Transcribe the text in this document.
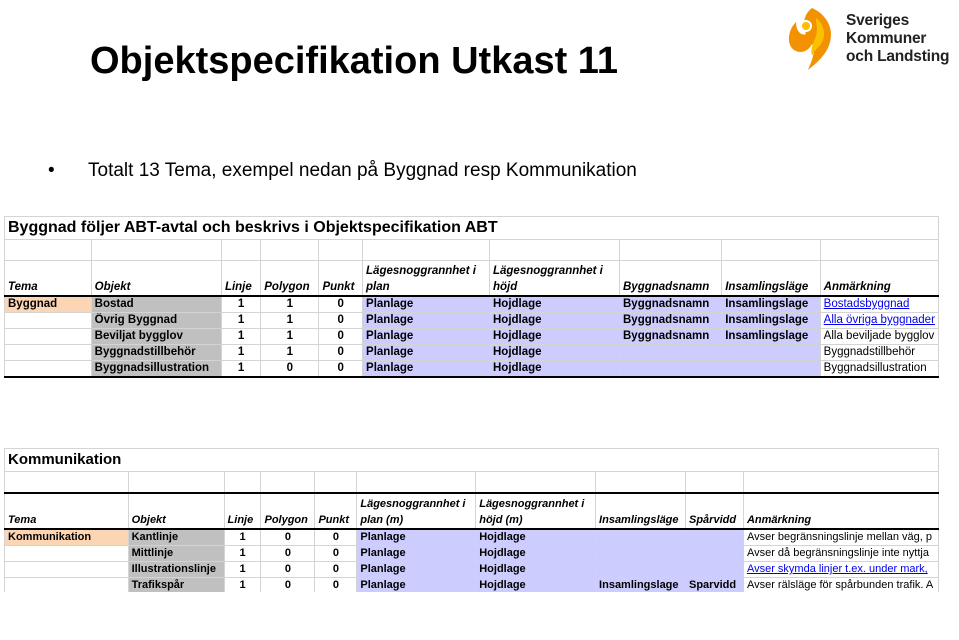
Objektspecifikation Utkast 11
• Totalt 13 Tema, exempel nedan på Byggnad resp Kommunikation
Sveriges
Kommuner
och Landsting
Byggnad följer ABT-avtal och beskrivs i Objektspecifikation ABT									

Tema	Objekt	Linje	Polygon	Punkt	Lägesnoggrannhet i plan	Lägesnoggrannhet i höjd	Byggnadsnamn	Insamlingsläge	Anmärkning
Byggnad	Bostad	1	1	0	Planlage	Hojdlage	Byggnadsnamn	Insamlingslage	Bostadsbyggnad
	Övrig Byggnad	1	1	0	Planlage	Hojdlage	Byggnadsnamn	Insamlingslage	Alla övriga byggnader
	Beviljat bygglov	1	1	0	Planlage	Hojdlage	Byggnadsnamn	Insamlingslage	Alla beviljade bygglov
	Byggnadstillbehör	1	1	0	Planlage	Hojdlage			Byggnadstillbehör
	Byggnadsillustration	1	0	0	Planlage	Hojdlage			Byggnadsillustration
Kommunikation									

Tema	Objekt	Linje	Polygon	Punkt	Lägesnoggrannhet i plan (m)	Lägesnoggrannhet i höjd (m)	Insamlingsläge	Spårvidd	Anmärkning
Kommunikation	Kantlinje	1	0	0	Planlage	Hojdlage			Avser begränsningslinje mellan väg, p
	Mittlinje	1	0	0	Planlage	Hojdlage			Avser då begränsningslinje inte nyttja
	Illustrationslinje	1	0	0	Planlage	Hojdlage			Avser skymda linjer t.ex. under mark,
	Trafikspår	1	0	0	Planlage	Hojdlage	Insamlingslage	Sparvidd	Avser rälsläge för spårbunden trafik. A
